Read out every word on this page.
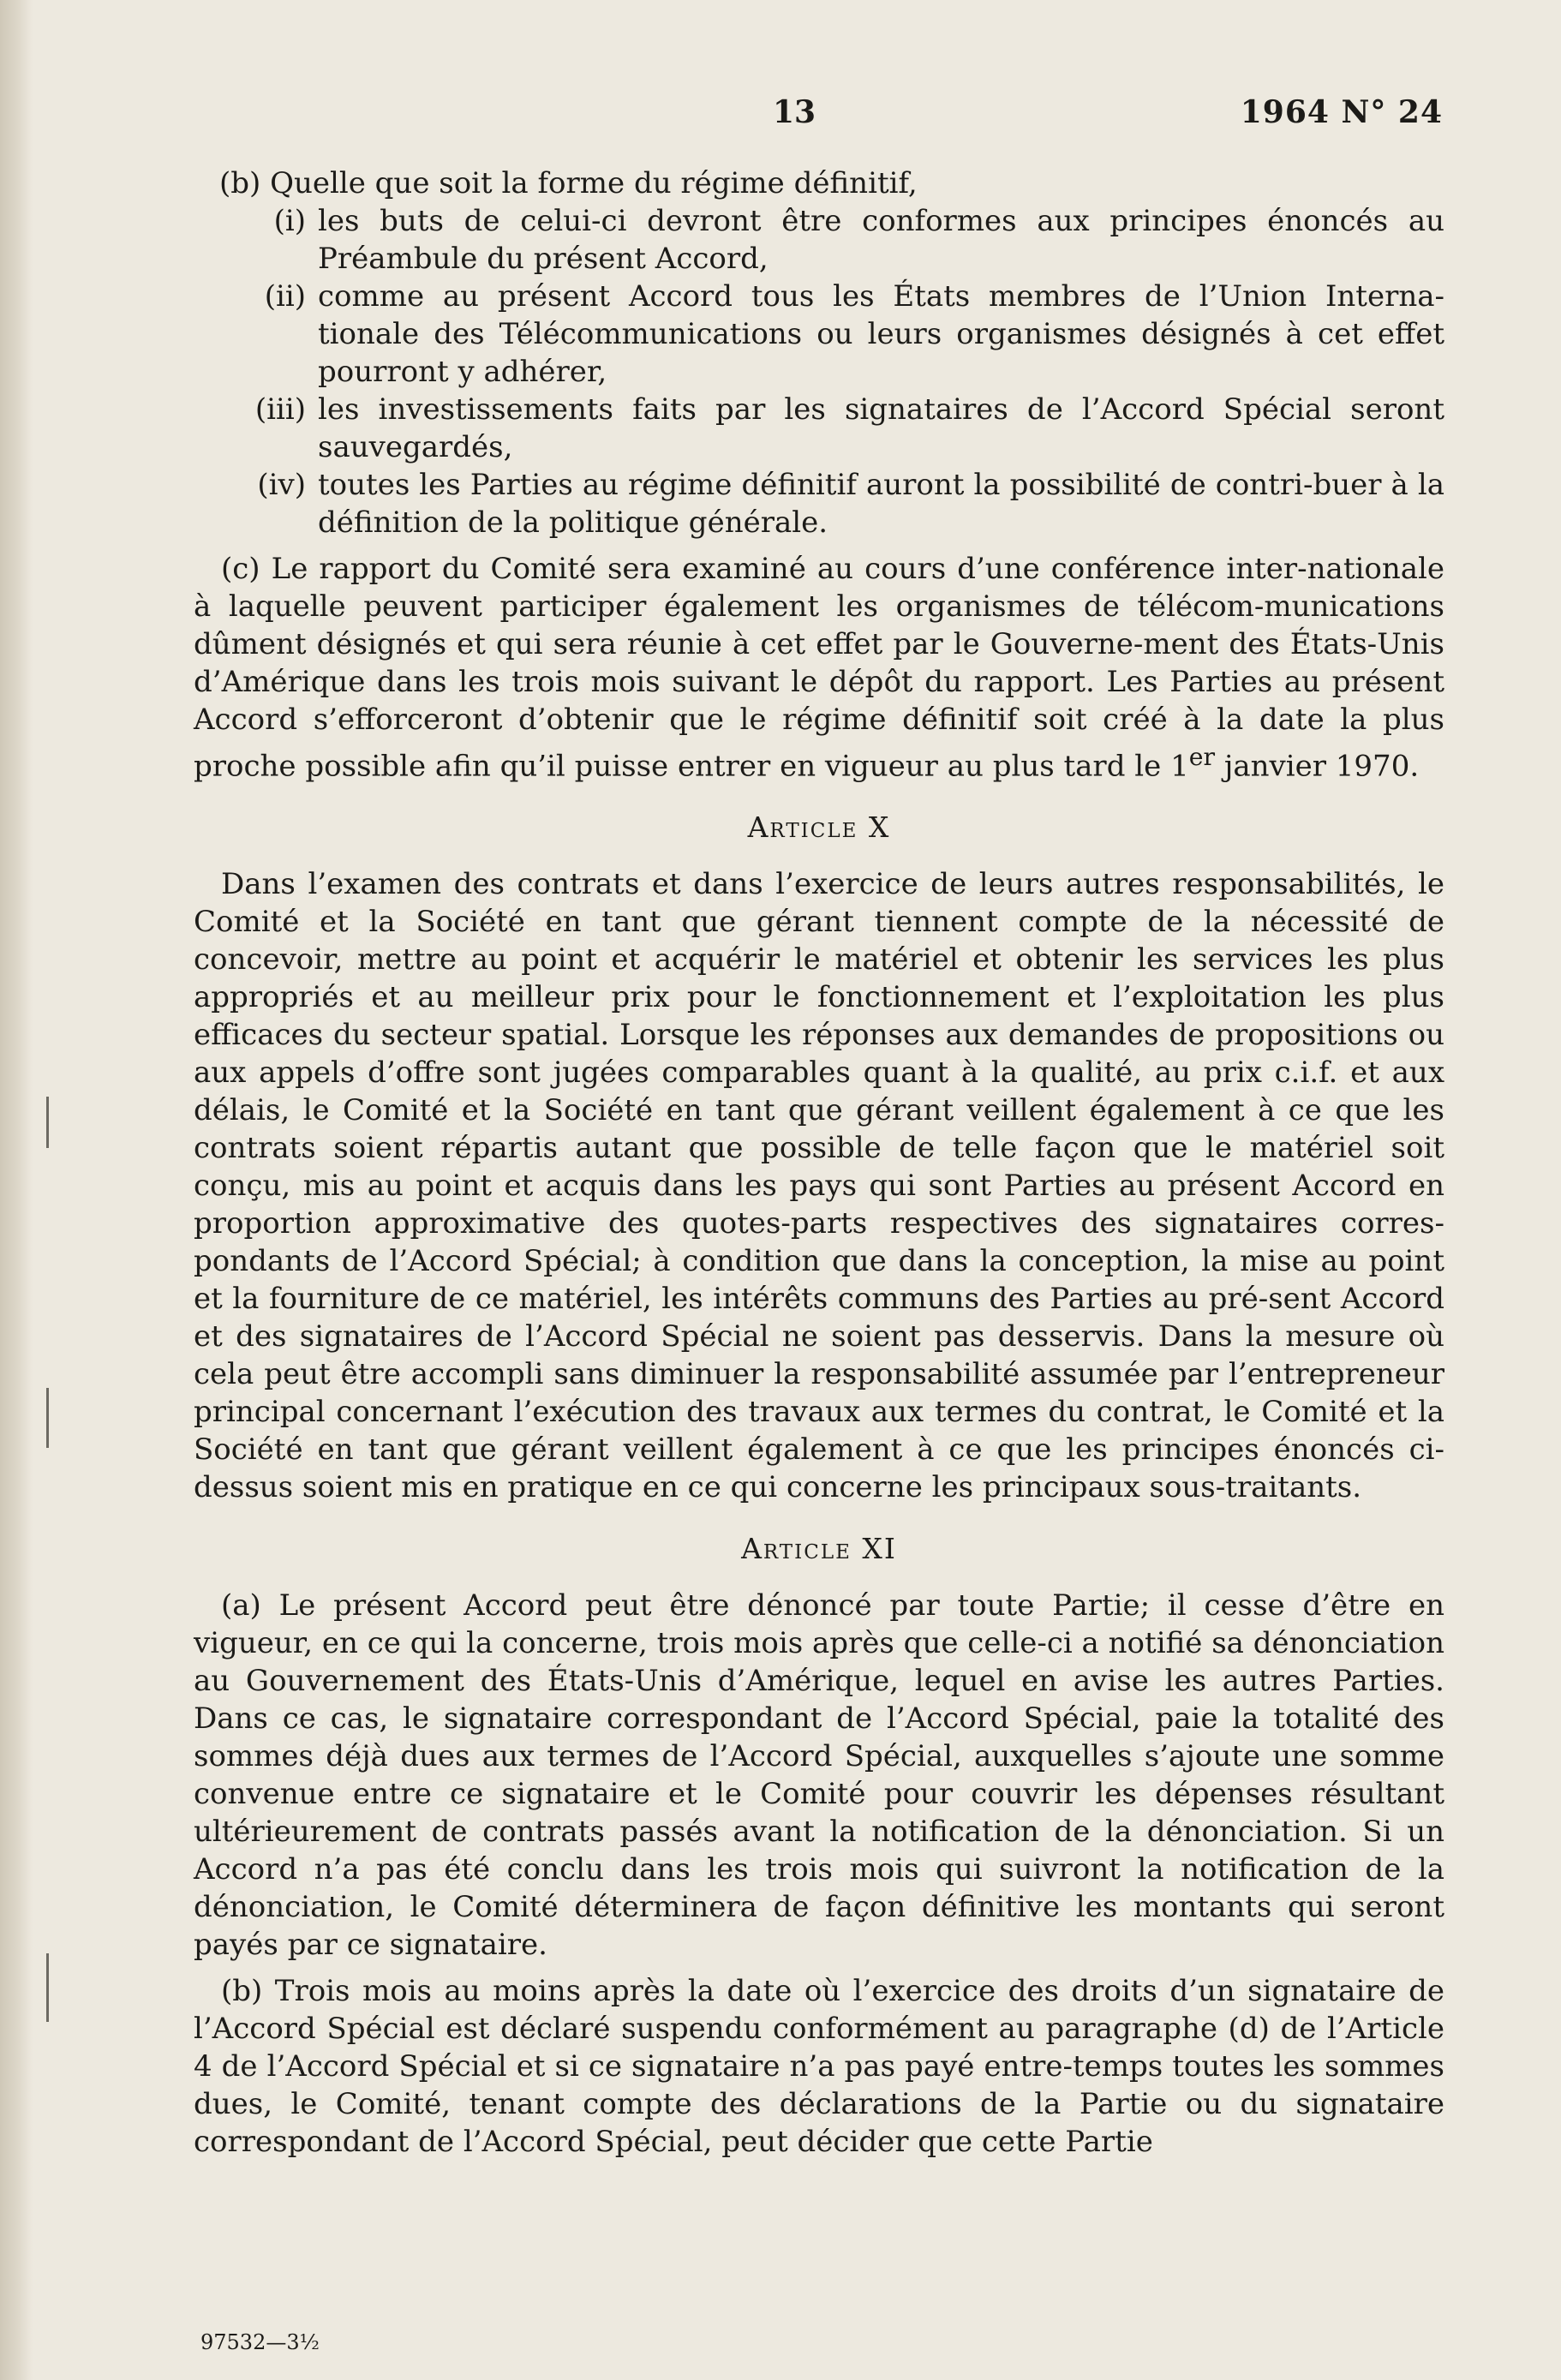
13	1964 N° 24

(b) Quelle que soit la forme du régime définitif,

(i) les buts de celui-ci devront être conformes aux principes énoncés au Préambule du présent Accord,
(ii) comme au présent Accord tous les États membres de l’Union Interna-tionale des Télécommunications ou leurs organismes désignés à cet effet pourront y adhérer,
(iii) les investissements faits par les signataires de l’Accord Spécial seront sauvegardés,
(iv) toutes les Parties au régime définitif auront la possibilité de contri-buer à la définition de la politique générale.

(c) Le rapport du Comité sera examiné au cours d’une conférence inter-nationale à laquelle peuvent participer également les organismes de télécom-munications dûment désignés et qui sera réunie à cet effet par le Gouverne-ment des États-Unis d’Amérique dans les trois mois suivant le dépôt du rapport. Les Parties au présent Accord s’efforceront d’obtenir que le régime définitif soit créé à la date la plus proche possible afin qu’il puisse entrer en vigueur au plus tard le 1er janvier 1970.

Article X

Dans l’examen des contrats et dans l’exercice de leurs autres responsabilités, le Comité et la Société en tant que gérant tiennent compte de la nécessité de concevoir, mettre au point et acquérir le matériel et obtenir les services les plus appropriés et au meilleur prix pour le fonctionnement et l’exploitation les plus efficaces du secteur spatial. Lorsque les réponses aux demandes de propositions ou aux appels d’offre sont jugées comparables quant à la qualité, au prix c.i.f. et aux délais, le Comité et la Société en tant que gérant veillent également à ce que les contrats soient répartis autant que possible de telle façon que le matériel soit conçu, mis au point et acquis dans les pays qui sont Parties au présent Accord en proportion approximative des quotes-parts respectives des signataires corres-pondants de l’Accord Spécial; à condition que dans la conception, la mise au point et la fourniture de ce matériel, les intérêts communs des Parties au pré-sent Accord et des signataires de l’Accord Spécial ne soient pas desservis. Dans la mesure où cela peut être accompli sans diminuer la responsabilité assumée par l’entrepreneur principal concernant l’exécution des travaux aux termes du contrat, le Comité et la Société en tant que gérant veillent également à ce que les principes énoncés ci-dessus soient mis en pratique en ce qui concerne les principaux sous-traitants.

Article XI

(a) Le présent Accord peut être dénoncé par toute Partie; il cesse d’être en vigueur, en ce qui la concerne, trois mois après que celle-ci a notifié sa dénonciation au Gouvernement des États-Unis d’Amérique, lequel en avise les autres Parties. Dans ce cas, le signataire correspondant de l’Accord Spécial, paie la totalité des sommes déjà dues aux termes de l’Accord Spécial, auxquelles s’ajoute une somme convenue entre ce signataire et le Comité pour couvrir les dépenses résultant ultérieurement de contrats passés avant la notification de la dénonciation. Si un Accord n’a pas été conclu dans les trois mois qui suivront la notification de la dénonciation, le Comité déterminera de façon définitive les montants qui seront payés par ce signataire.

(b) Trois mois au moins après la date où l’exercice des droits d’un signataire de l’Accord Spécial est déclaré suspendu conformément au paragraphe (d) de l’Article 4 de l’Accord Spécial et si ce signataire n’a pas payé entre-temps toutes les sommes dues, le Comité, tenant compte des déclarations de la Partie ou du signataire correspondant de l’Accord Spécial, peut décider que cette Partie

97532—3½
